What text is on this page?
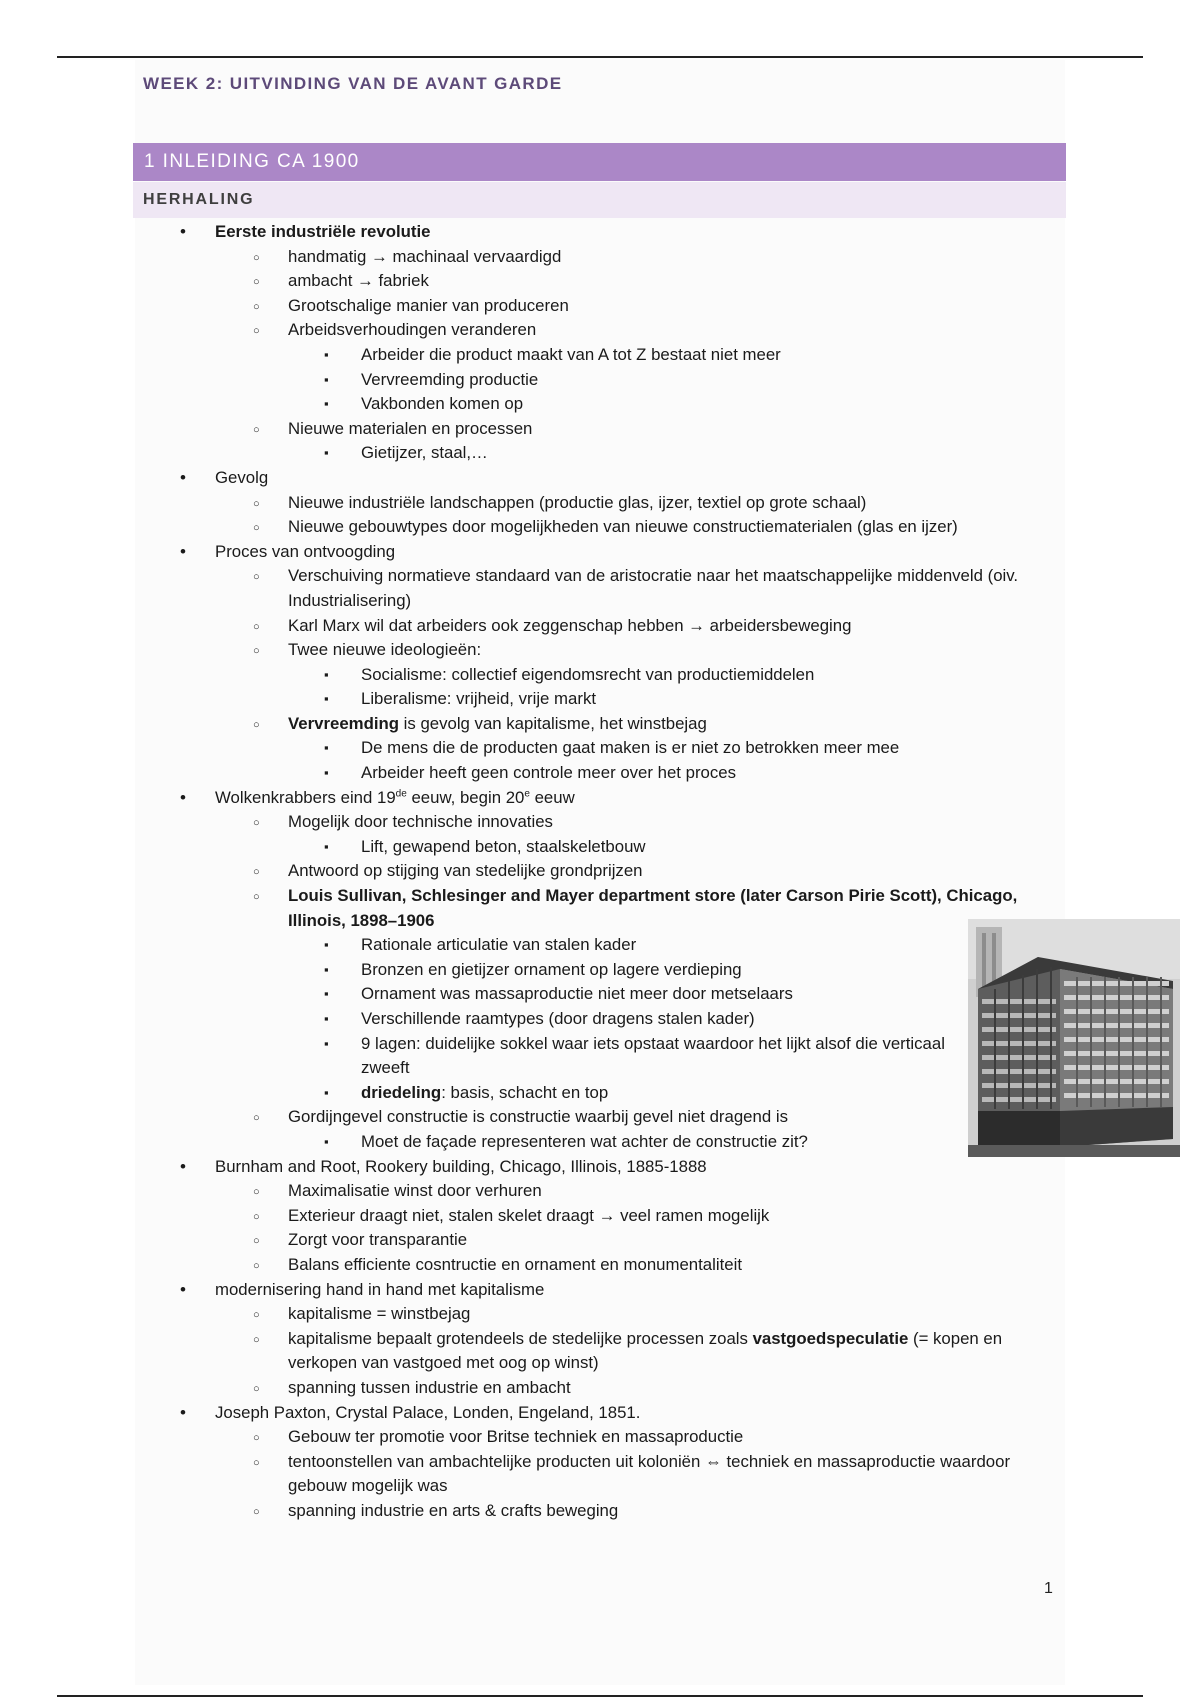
WEEK 2: UITVINDING VAN DE AVANT GARDE
1 INLEIDING CA 1900
HERHALING
• Eerste industriële revolutie
○ handmatig → machinaal vervaardigd
○ ambacht → fabriek
○ Grootschalige manier van produceren
○ Arbeidsverhoudingen veranderen
▪ Arbeider die product maakt van A tot Z bestaat niet meer
▪ Vervreemding productie
▪ Vakbonden komen op
○ Nieuwe materialen en processen
▪ Gietijzer, staal,…
• Gevolg
○ Nieuwe industriële landschappen (productie glas, ijzer, textiel op grote schaal)
○ Nieuwe gebouwtypes door mogelijkheden van nieuwe constructiematerialen (glas en ijzer)
• Proces van ontvoogding
○ Verschuiving normatieve standaard van de aristocratie naar het maatschappelijke middenveld (oiv. Industrialisering)
○ Karl Marx wil dat arbeiders ook zeggenschap hebben → arbeidersbeweging
○ Twee nieuwe ideologieën:
▪ Socialisme: collectief eigendomsrecht van productiemiddelen
▪ Liberalisme: vrijheid, vrije markt
○ Vervreemding is gevolg van kapitalisme, het winstbejag
▪ De mens die de producten gaat maken is er niet zo betrokken meer mee
▪ Arbeider heeft geen controle meer over het proces
• Wolkenkrabbers eind 19de eeuw, begin 20e eeuw
○ Mogelijk door technische innovaties
▪ Lift, gewapend beton, staalskeletbouw
○ Antwoord op stijging van stedelijke grondprijzen
○ Louis Sullivan, Schlesinger and Mayer department store (later Carson Pirie Scott), Chicago, Illinois, 1898–1906
▪ Rationale articulatie van stalen kader
▪ Bronzen en gietijzer ornament op lagere verdieping
▪ Ornament was massaproductie niet meer door metselaars
▪ Verschillende raamtypes (door dragens stalen kader)
▪ 9 lagen: duidelijke sokkel waar iets opstaat waardoor het lijkt alsof die verticaal zweeft
▪ driedeling: basis, schacht en top
○ Gordijngevel constructie is constructie waarbij gevel niet dragend is
▪ Moet de façade representeren wat achter de constructie zit?
• Burnham and Root, Rookery building, Chicago, Illinois, 1885-1888
○ Maximalisatie winst door verhuren
○ Exterieur draagt niet, stalen skelet draagt → veel ramen mogelijk
○ Zorgt voor transparantie
○ Balans efficiente cosntructie en ornament en monumentaliteit
• modernisering hand in hand met kapitalisme
○ kapitalisme = winstbejag
○ kapitalisme bepaalt grotendeels de stedelijke processen zoals vastgoedspeculatie (= kopen en verkopen van vastgoed met oog op winst)
○ spanning tussen industrie en ambacht
• Joseph Paxton, Crystal Palace, Londen, Engeland, 1851.
○ Gebouw ter promotie voor Britse techniek en massaproductie
○ tentoonstellen van ambachtelijke producten uit koloniën ⇔ techniek en massaproductie waardoor gebouw mogelijk was
○ spanning industrie en arts & crafts beweging
1
